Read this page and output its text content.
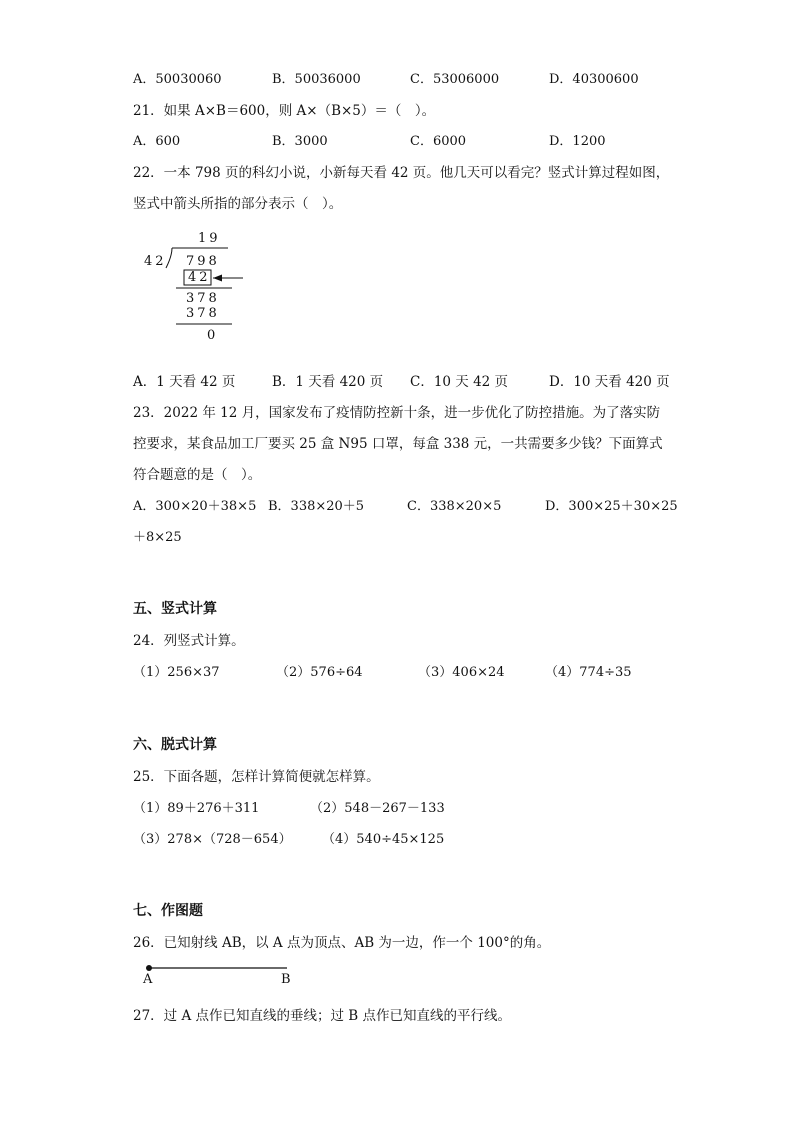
A．50030060	B．50036000	C．53006000	D．40300600
21．如果 A×B＝600，则 A×（B×5）＝（　）。
A．600	B．3000	C．6000	D．1200
22．一本 798 页的科幻小说，小新每天看 42 页。他几天可以看完？竖式计算过程如图，
竖式中箭头所指的部分表示（　）。
19
42 798
42
378
378
0
A．1 天看 42 页	B．1 天看 420 页 C．10 天 42 页	D．10 天看 420 页
23．2022 年 12 月，国家发布了疫情防控新十条，进一步优化了防控措施。为了落实防
控要求，某食品加工厂要买 25 盒 N95 口罩，每盒 338 元，一共需要多少钱？下面算式
符合题意的是（　）。
A．300×20＋38×5 B．338×20＋5	C．338×20×5	D．300×25＋30×25
＋8×25
五、竖式计算
24．列竖式计算。
（1）256×37	（2）576÷64	（3）406×24	（4）774÷35
六、脱式计算
25．下面各题，怎样计算简便就怎样算。
（1）89＋276＋311	（2）548－267－133
（3）278×（728－654） （4）540÷45×125
七、作图题
26．已知射线 AB，以 A 点为顶点、AB 为一边，作一个 100°的角。
A	B
27．过 A 点作已知直线的垂线；过 B 点作已知直线的平行线。
